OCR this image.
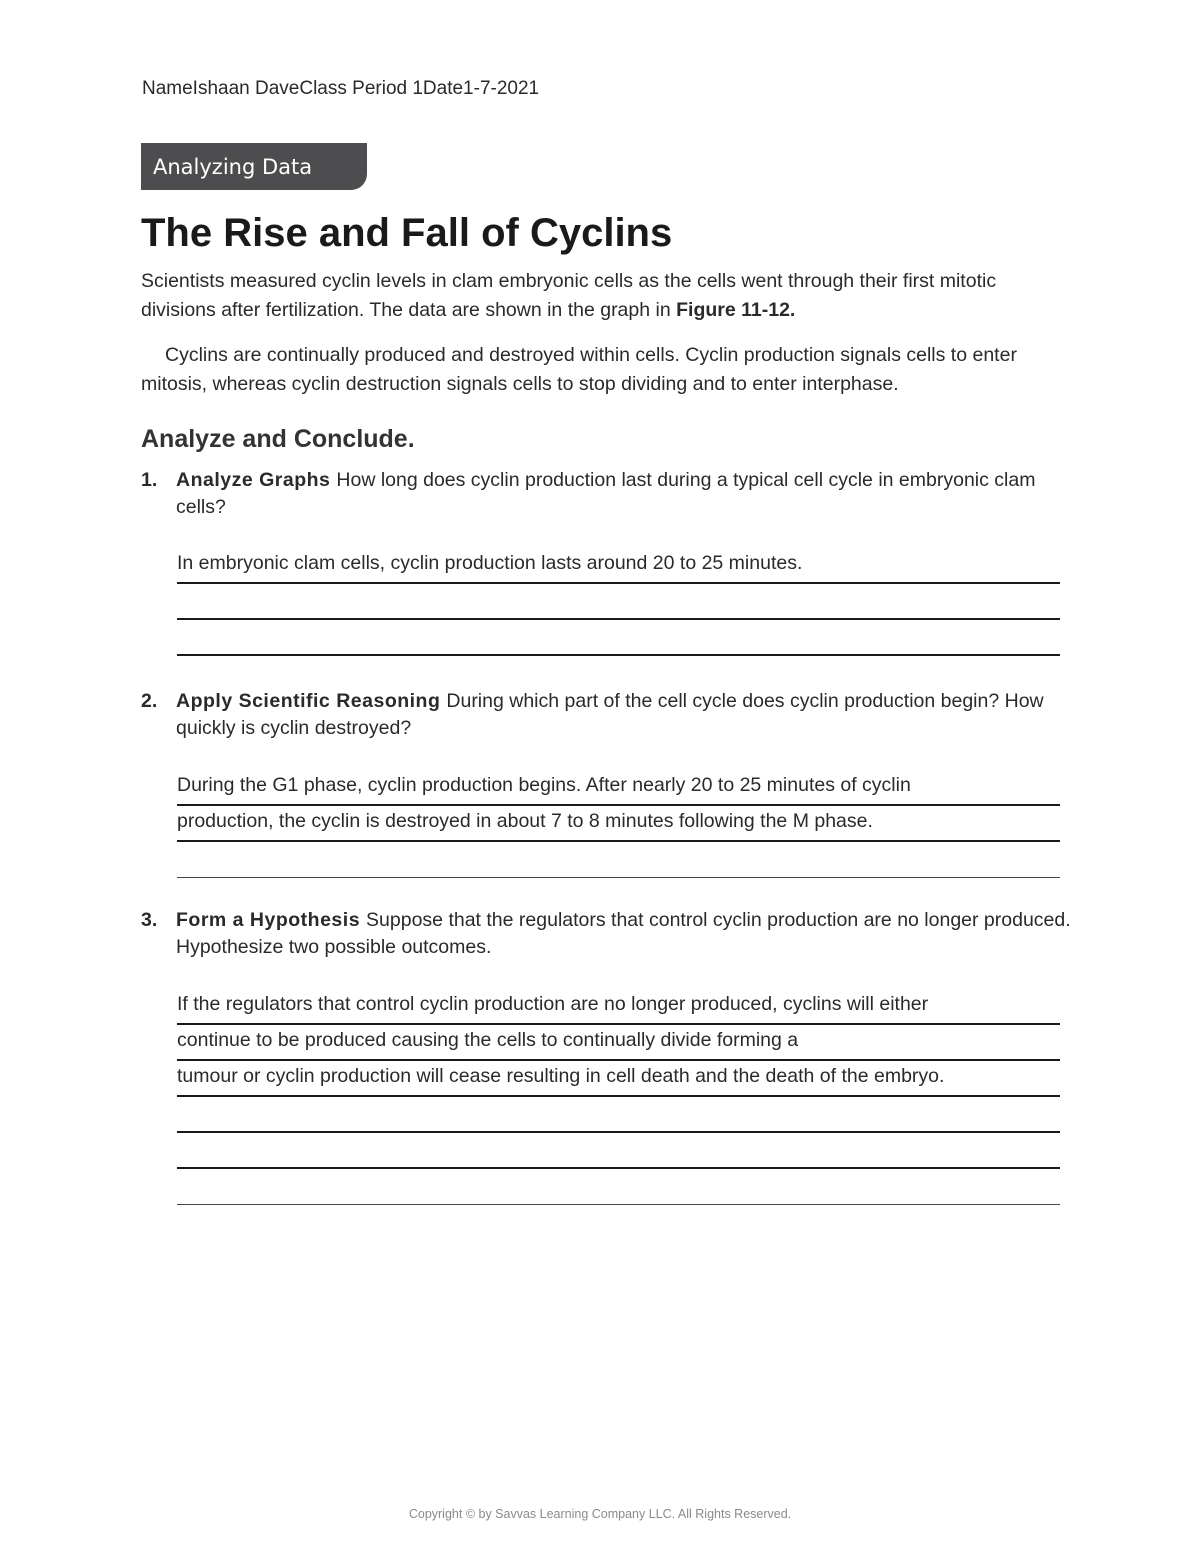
NameIshaan DaveClass Period 1Date1-7-2021
Analyzing Data
The Rise and Fall of Cyclins

Scientists measured cyclin levels in clam embryonic cells as the cells went through their first mitotic divisions after fertilization. The data are shown in the graph in Figure 11-12.

Cyclins are continually produced and destroyed within cells. Cyclin production signals cells to enter mitosis, whereas cyclin destruction signals cells to stop dividing and to enter interphase.

Analyze and Conclude.
1. Analyze Graphs How long does cyclin production last during a typical cell cycle in embryonic clam cells?
In embryonic clam cells, cyclin production lasts around 20 to 25 minutes.
2. Apply Scientific Reasoning During which part of the cell cycle does cyclin production begin? How quickly is cyclin destroyed?
During the G1 phase, cyclin production begins. After nearly 20 to 25 minutes of cyclin
production, the cyclin is destroyed in about 7 to 8 minutes following the M phase.
3. Form a Hypothesis Suppose that the regulators that control cyclin production are no longer produced. Hypothesize two possible outcomes.
If the regulators that control cyclin production are no longer produced, cyclins will either
continue to be produced causing the cells to continually divide forming a
tumour or cyclin production will cease resulting in cell death and the death of the embryo.
Copyright © by Savvas Learning Company LLC. All Rights Reserved.
